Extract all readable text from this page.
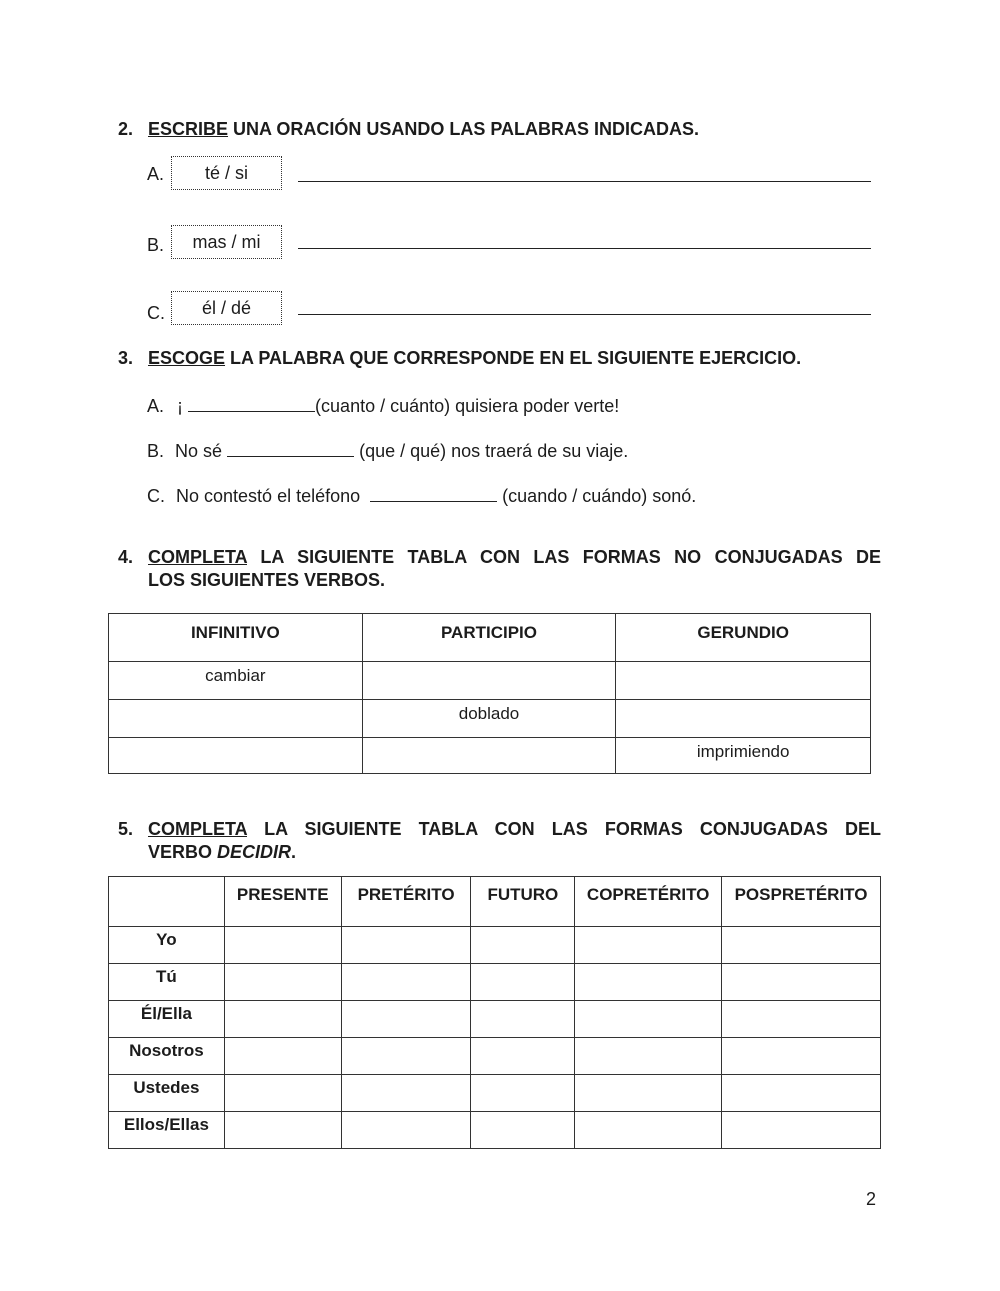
2. ESCRIBE UNA ORACIÓN USANDO LAS PALABRAS INDICADAS.
A.	té / si
B.	mas / mi
C.	él / dé
3. ESCOGE LA PALABRA QUE CORRESPONDE EN EL SIGUIENTE EJERCICIO.
A. ¡	(cuanto / cuánto) quisiera poder verte!
B. No sé	(que / qué) nos traerá de su viaje.
C. No contestó el teléfono	(cuando / cuándo) sonó.
4. COMPLETA LA SIGUIENTE TABLA CON LAS FORMAS NO CONJUGADAS DE
LOS SIGUIENTES VERBOS.
INFINITIVO	PARTICIPIO	GERUNDIO
cambiar		
	doblado	
		imprimiendo
5. COMPLETA LA SIGUIENTE TABLA CON LAS FORMAS CONJUGADAS DEL
VERBO DECIDIR.
	PRESENTE	PRETÉRITO	FUTURO	COPRETÉRITO	POSPRETÉRITO
Yo					
Tú					
Él/Ella					
Nosotros					
Ustedes					
Ellos/Ellas					
2
